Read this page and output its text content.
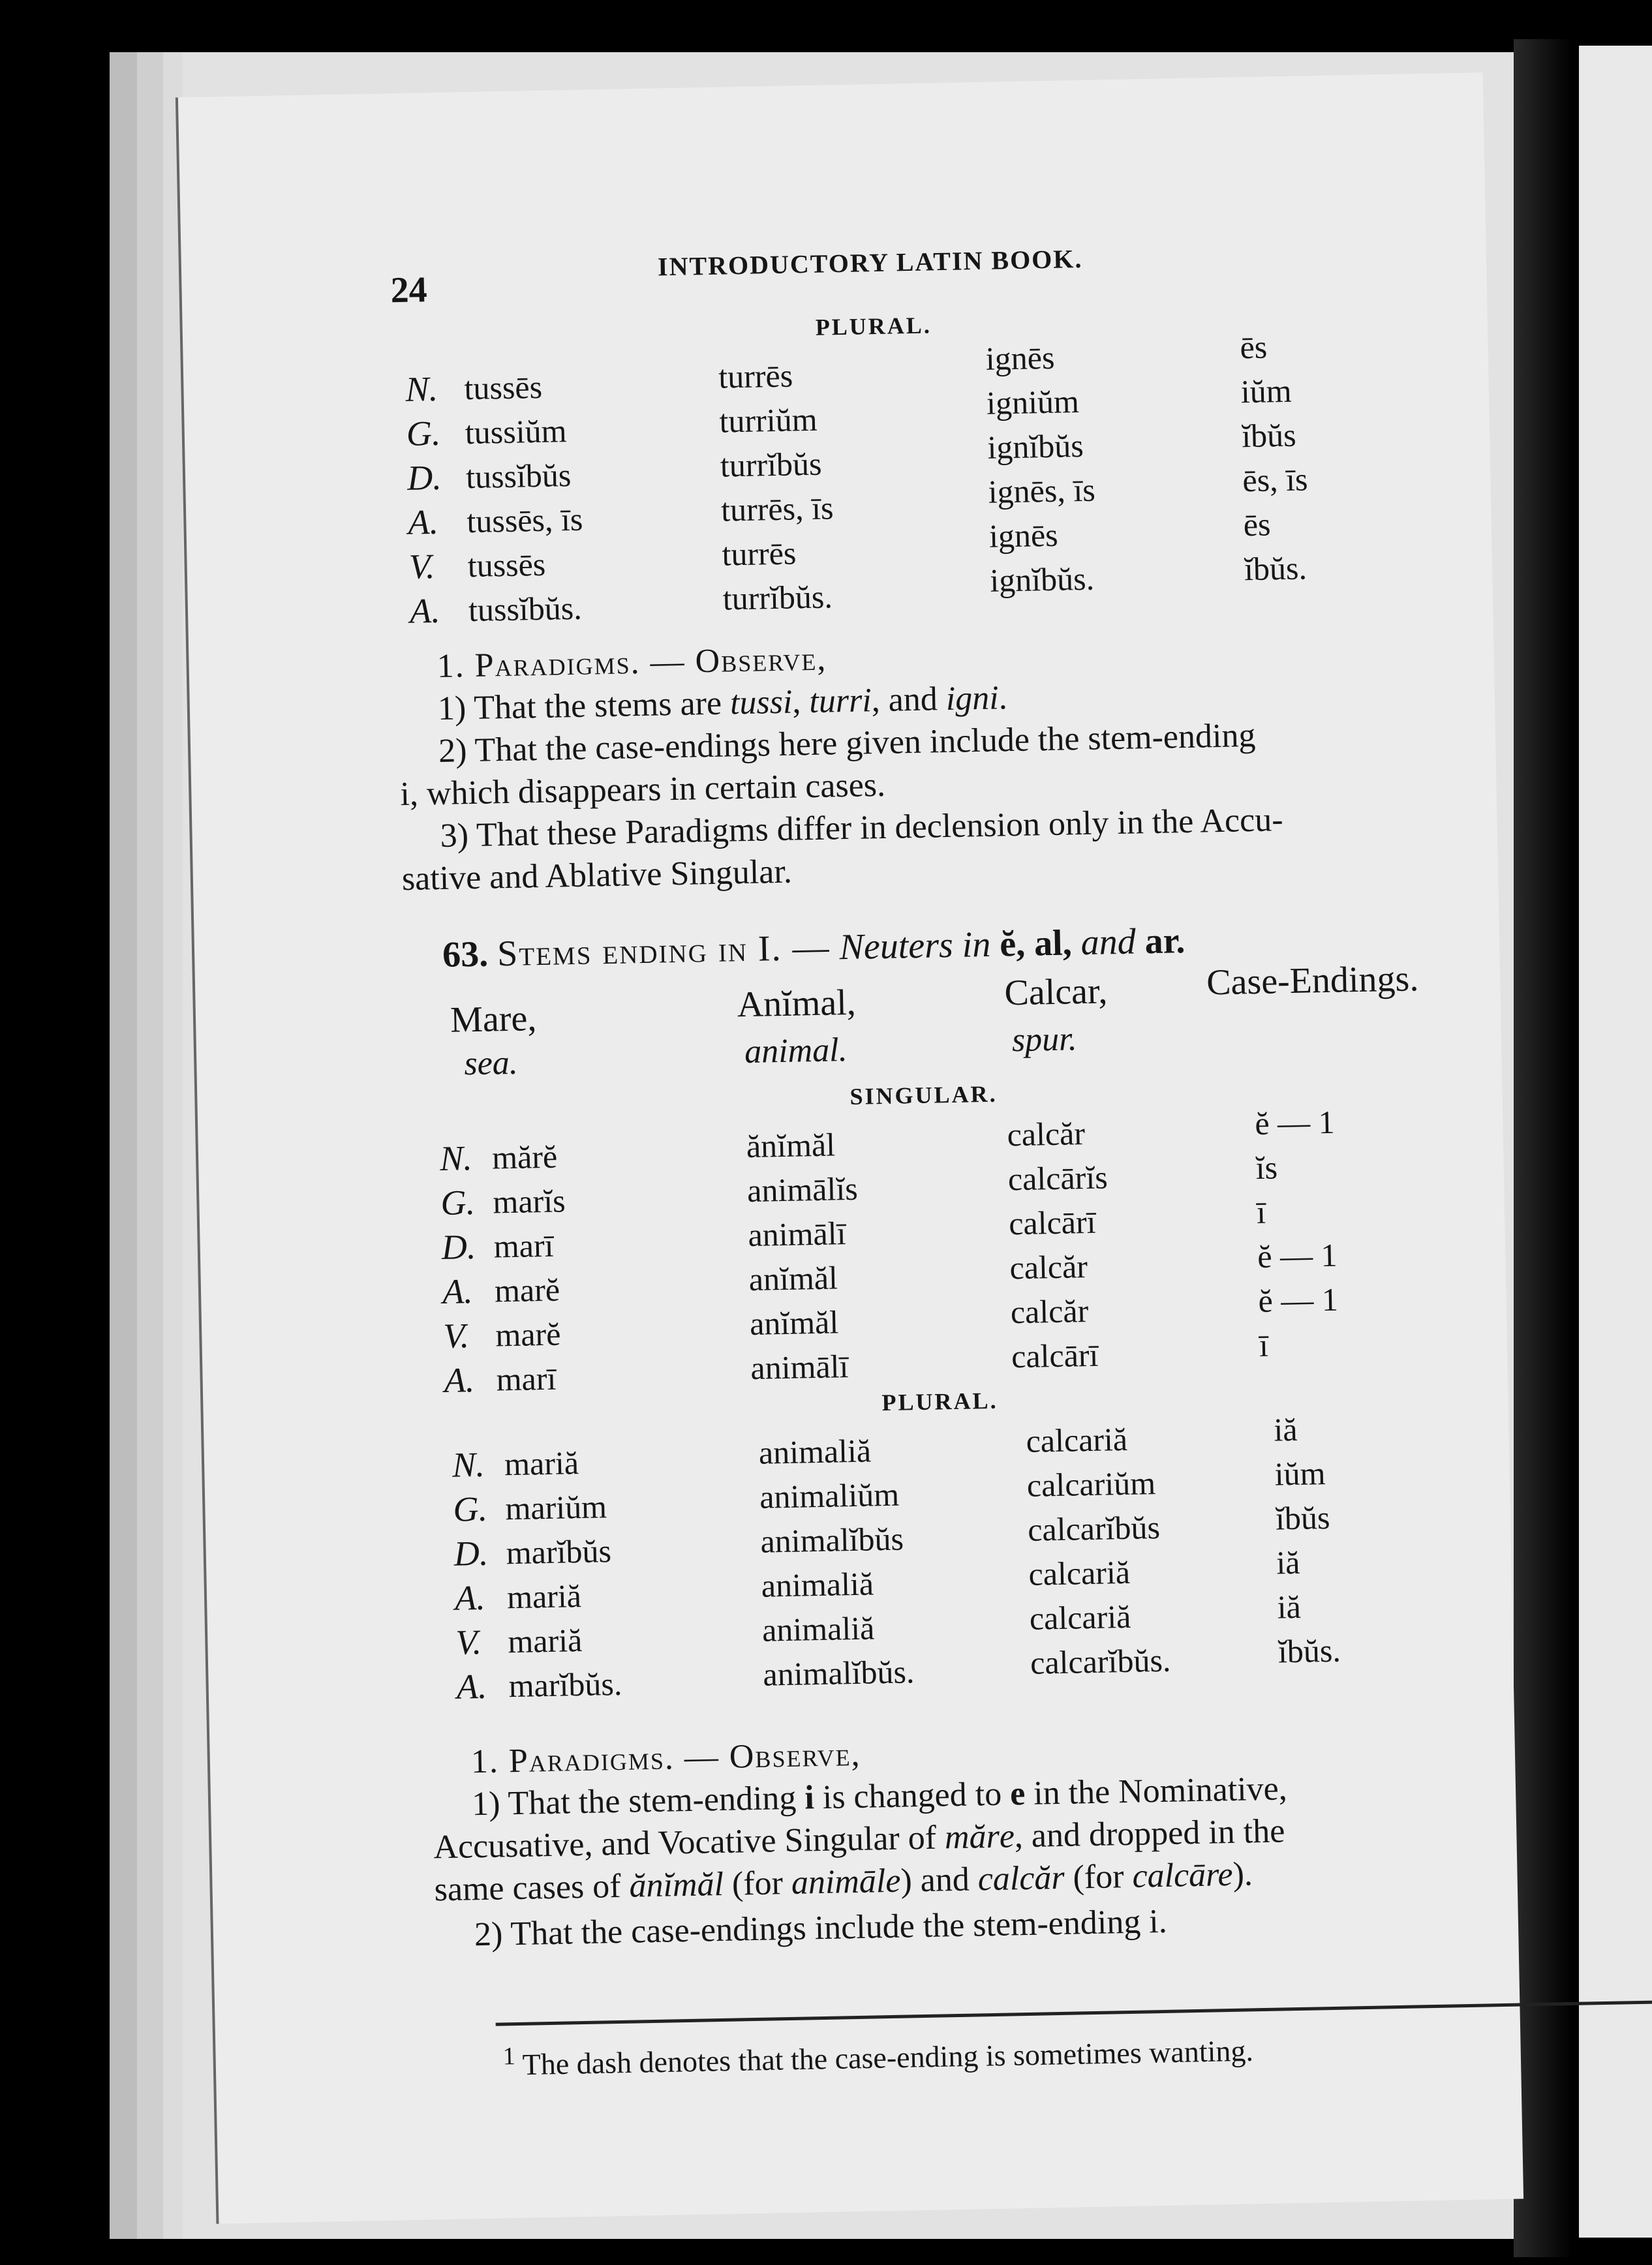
24
INTRODUCTORY LATIN BOOK.
PLURAL.
N.
G.
D.
A.
V.
A.
tussēs
tussiŭm
tussĭbŭs
tussēs, īs
tussēs
tussĭbŭs.
turrēs
turriŭm
turrĭbŭs
turrēs, īs
turrēs
turrĭbŭs.
ignēs
igniŭm
ignĭbŭs
ignēs, īs
ignēs
ignĭbŭs.
ēs
iŭm
ĭbŭs
ēs, īs
ēs
ĭbŭs.
1. Paradigms. — Observe,
1) That the stems are tussi, turri, and igni.
2) That the case-endings here given include the stem-ending
i, which disappears in certain cases.
3) That these Paradigms differ in declension only in the Accu-
sative and Ablative Singular.
63. Stems ending in I. — Neuters in ĕ, al, and ar.
Mare,
sea.
Anĭmal,
animal.
Calcar,
spur.
Case-Endings.
SINGULAR.
N.
G.
D.
A.
V.
A.
mărĕ
marĭs
marī
marĕ
marĕ
marī
ănĭmăl
animālĭs
animālī
anĭmăl
anĭmăl
animālī
calcăr
calcārĭs
calcārī
calcăr
calcăr
calcārī
ĕ — 1
ĭs
ī
ĕ — 1
ĕ — 1
ī
PLURAL.
N.
G.
D.
A.
V.
A.
mariă
mariŭm
marĭbŭs
mariă
mariă
marĭbŭs.
animaliă
animaliŭm
animalĭbŭs
animaliă
animaliă
animalĭbŭs.
calcariă
calcariŭm
calcarĭbŭs
calcariă
calcariă
calcarĭbŭs.
iă
iŭm
ĭbŭs
iă
iă
ĭbŭs.
1. Paradigms. — Observe,
1) That the stem-ending i is changed to e in the Nominative,
Accusative, and Vocative Singular of mărе, and dropped in the
same cases of ănĭmăl (for animāle) and calcăr (for calcāre).
2) That the case-endings include the stem-ending i.
$^1$ The dash denotes that the case-ending is sometimes wanting.
